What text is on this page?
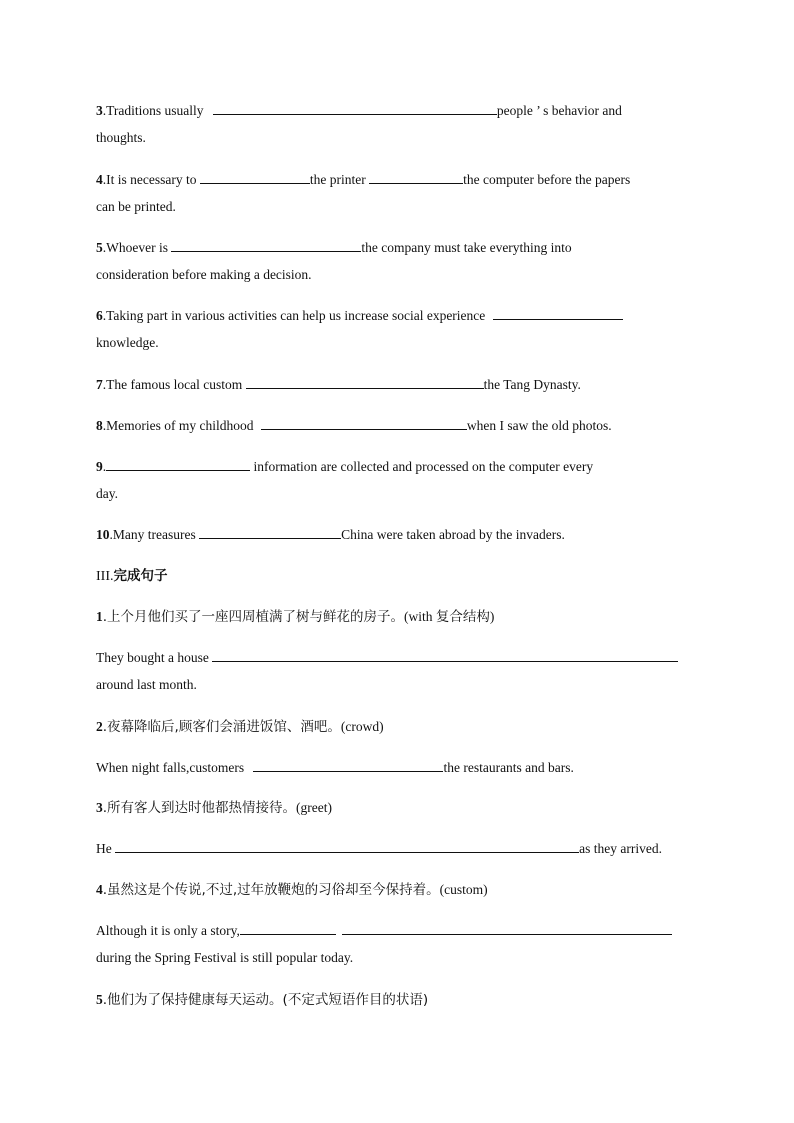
3.Traditions usually	people ’ s behavior and
thoughts.
4.It is necessary to	the printer	the computer before the papers
can be printed.
5.Whoever is	the company must take everything into
consideration before making a decision.
6.Taking part in various activities can help us increase social experience
knowledge.
7.The famous local custom	the Tang Dynasty.
8.Memories of my childhood	when I saw the old photos.
9.	information are collected and processed on the computer every
day.
10.Many treasures	China were taken abroad by the invaders.
III.完成句子
1.上个月他们买了一座四周植满了树与鲜花的房子。(with 复合结构)
They bought a house
around last month.
2.夜幕降临后,顾客们会涌进饭馆、酒吧。(crowd)
When night falls,customers	the restaurants and bars.
3.所有客人到达时他都热情接待。(greet)
He	as they arrived.
4.虽然这是个传说,不过,过年放鞭炮的习俗却至今保持着。(custom)
Although it is only a story,
during the Spring Festival is still popular today.
5.他们为了保持健康每天运动。(不定式短语作目的状语)
